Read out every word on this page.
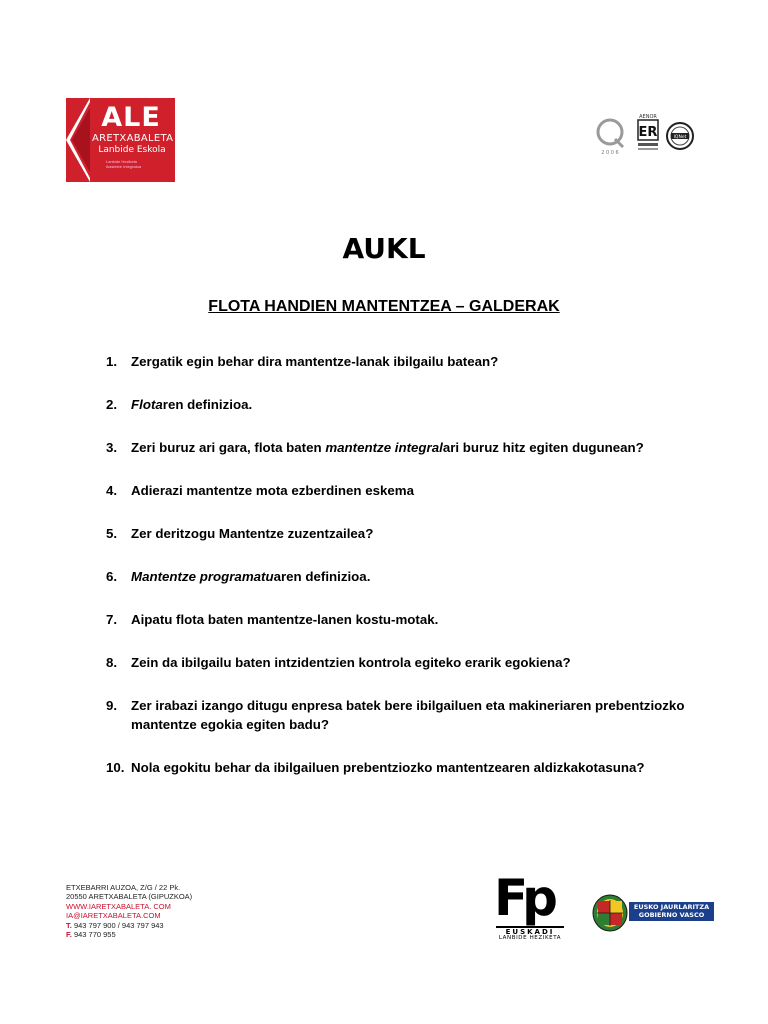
ALE
ARETXABALETA
Lanbide Eskola
Lanbide Heziketa
Ikastetxe Integratua
2 0 0 6
AENOR
ER	IQNet
AUKL
FLOTA HANDIEN MANTENTZEA – GALDERAK
1. Zergatik egin behar dira mantentze-lanak ibilgailu batean?
2. Flotaren definizioa.
3. Zeri buruz ari gara, flota baten mantentze integralari buruz hitz egiten dugunean?
4. Adierazi mantentze mota ezberdinen eskema
5. Zer deritzogu Mantentze zuzentzailea?
6. Mantentze programatuaren definizioa.
7. Aipatu flota baten mantentze-lanen kostu-motak.
8. Zein da ibilgailu baten intzidentzien kontrola egiteko erarik egokiena?
9. Zer irabazi izango ditugu enpresa batek bere ibilgailuen eta makineriaren prebentziozko mantentze egokia egiten badu?
10. Nola egokitu behar da ibilgailuen prebentziozko mantentzearen aldizkakotasuna?
ETXEBARRI AUZOA, Z/G / 22 Pk.
20550 ARETXABALETA (GIPUZKOA)
WWW.IARETXABALETA. COM
IA@IARETXABALETA.COM
T. 943 797 900 / 943 797 943
F. 943 770 955
Fp
EUSKADI
LANBIDE HEZIKETA
EUSKO JAURLARITZA
GOBIERNO VASCO
